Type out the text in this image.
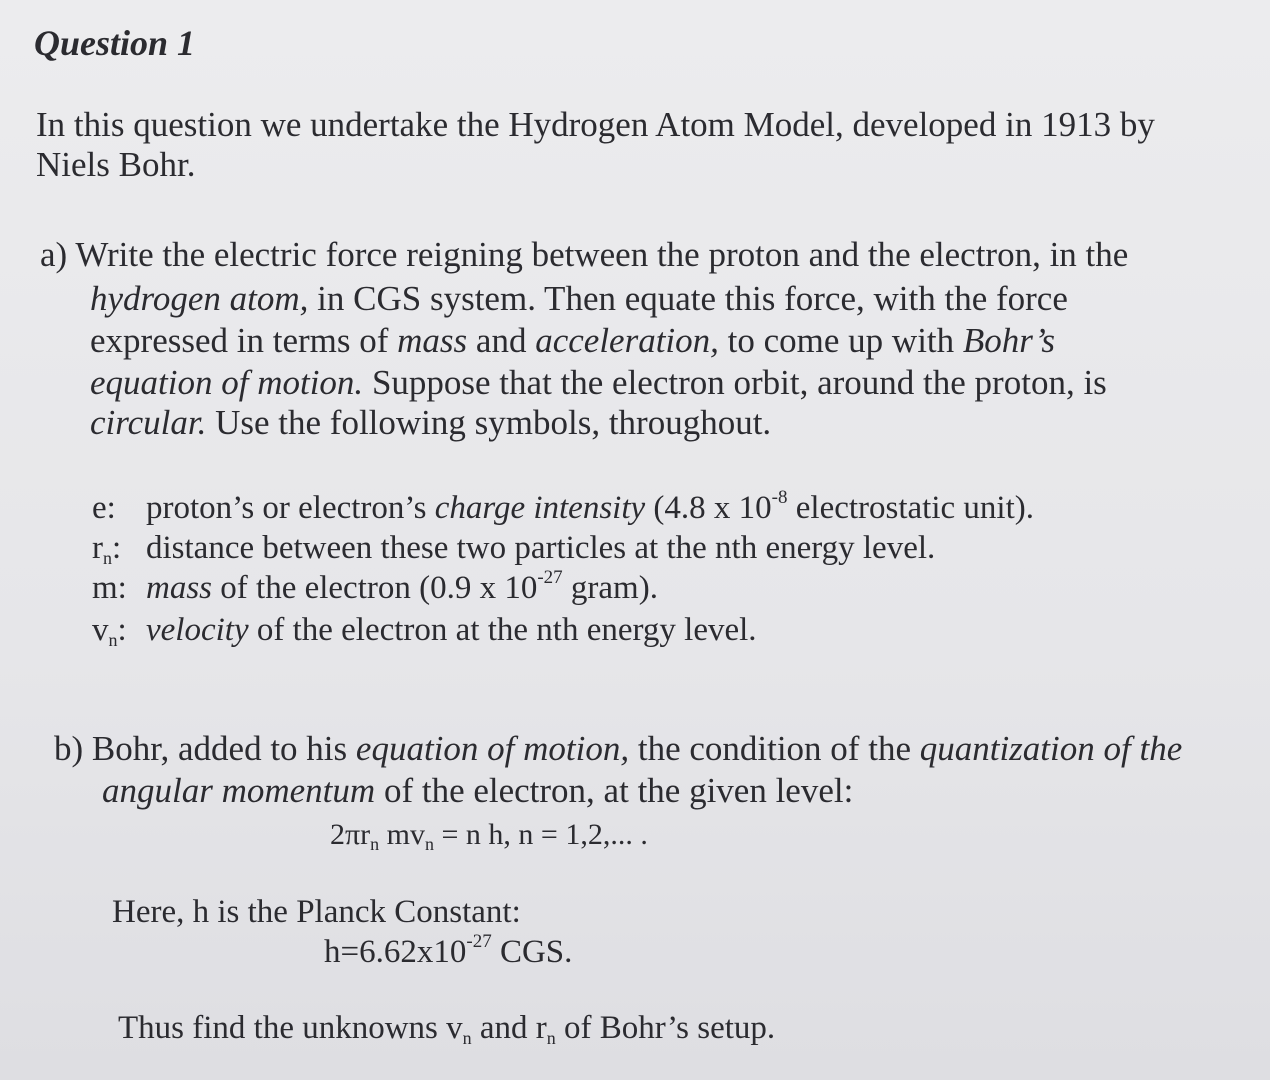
Question 1
In this question we undertake the Hydrogen Atom Model, developed in 1913 by
Niels Bohr.
a) Write the electric force reigning between the proton and the electron, in the
hydrogen atom, in CGS system. Then equate this force, with the force
expressed in terms of mass and acceleration, to come up with Bohr’s
equation of motion. Suppose that the electron orbit, around the proton, is
circular. Use the following symbols, throughout.
e: proton’s or electron’s charge intensity (4.8 x $10^{-8}$ electrostatic unit).
$r_n$: distance between these two particles at the nth energy level.
m: mass of the electron (0.9 x $10^{-27}$ gram).
$v_n$: velocity of the electron at the nth energy level.
b) Bohr, added to his equation of motion, the condition of the quantization of the
angular momentum of the electron, at the given level:
$2\pi r_n$ $mv_n = n$ h, n = 1,2,... .
Here, h is the Planck Constant:
$h=6.62x10^{-27}$ CGS.
Thus find the unknowns $v_n$ and $r_n$ of Bohr’s setup.
